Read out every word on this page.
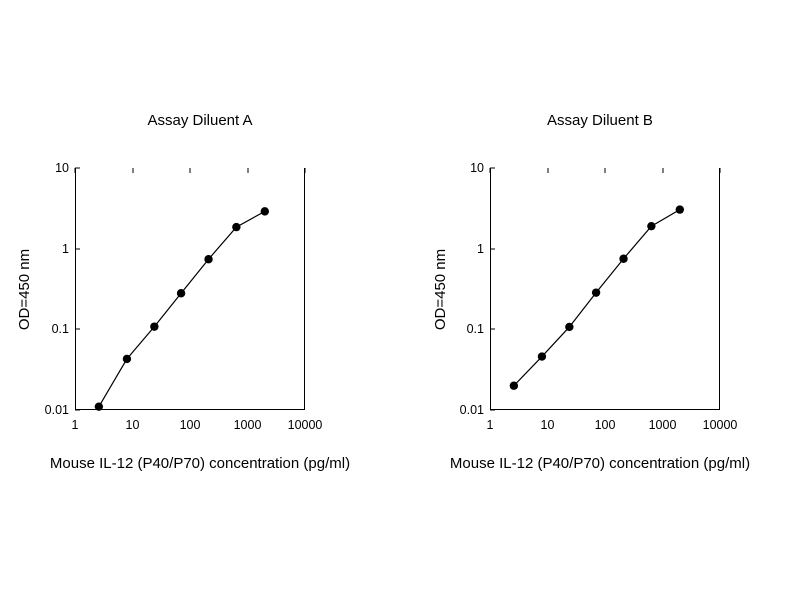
Assay Diluent A
OD=450 nm
0.01
0.1
1
10
1	10	100	1000 10000
Mouse IL-12 (P40/P70) concentration (pg/ml)
Assay Diluent B
OD=450 nm
0.01
0.1
1
10
1	10	100	1000 10000
Mouse IL-12 (P40/P70) concentration (pg/ml)
